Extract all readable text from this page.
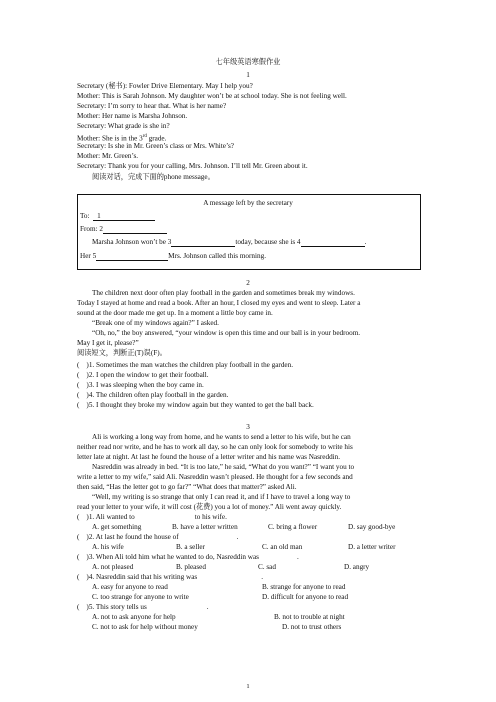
七年级英语寒假作业
1
Secretary (秘书): Fowler Drive Elementary. May I help you?
Mother: This is Sarah Johnson. My daughter won’t be at school today. She is not feeling well.
Secretary: I’m sorry to hear that. What is her name?
Mother: Her name is Marsha Johnson.
Secretary: What grade is she in?
Mother: She is in the 3rd grade.
Secretary: Is she in Mr. Green’s class or Mrs. White’s?
Mother: Mr. Green’s.
Secretary: Thank you for your calling, Mrs. Johnson. I’ll tell Mr. Green about it.
阅读对话，完成下面的phone message。
A message left by the secretary
To: 1
From: 2
Marsha Johnson won’t be 3	today, because she is 4	.
Her 5	Mrs. Johnson called this morning.
2
The children next door often play football in the garden and sometimes break my windows.
Today I stayed at home and read a book. After an hour, I closed my eyes and went to sleep. Later a
sound at the door made me get up. In a moment a little boy came in.
“Break one of my windows again?” I asked.
“Oh, no,” the boy answered, “your window is open this time and our ball is in your bedroom.
May I get it, please?”
阅读短文，判断正(T)误(F)。
( )1. Sometimes the man watches the children play football in the garden.
( )2. I open the window to get their football.
( )3. I was sleeping when the boy came in.
( )4. The children often play football in the garden.
( )5. I thought they broke my window again but they wanted to get the ball back.
3
Ali is working a long way from home, and he wants to send a letter to his wife, but he can
neither read nor write, and he has to work all day, so he can only look for somebody to write his
letter late at night. At last he found the house of a letter writer and his name was Nasreddin.
Nasreddin was already in bed. “It is too late,” he said, “What do you want?” “I want you to
write a letter to my wife,” said Ali. Nasreddin wasn’t pleased. He thought for a few seconds and
then said, “Has the letter got to go far?” “What does that matter?” asked Ali.
“Well, my writing is so strange that only I can read it, and if I have to travel a long way to
read your letter to your wife, it will cost (花费) you a lot of money.” Ali went away quickly.
( )1. Ali wanted to	to his wife.
A. get something	B. have a letter written	C. bring a flower	D. say good-bye
( )2. At last he found the house of	.
A. his wife	B. a seller	C. an old man	D. a letter writer
( )3. When Ali told him what he wanted to do, Nasreddin was	.
A. not pleased	B. pleased	C. sad	D. angry
( )4. Nasreddin said that his writing was	.
A. easy for anyone to read	B. strange for anyone to read
C. too strange for anyone to write	D. difficult for anyone to read
( )5. This story tells us	.
A. not to ask anyone for help	B. not to trouble at night
C. not to ask for help without money	D. not to trust others
1
